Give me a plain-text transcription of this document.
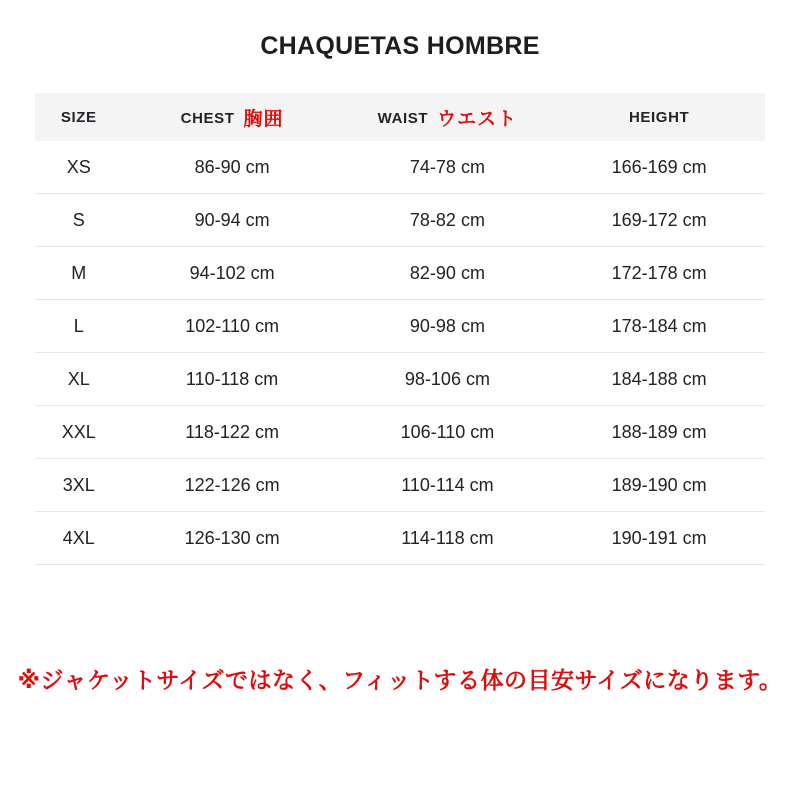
CHAQUETAS HOMBRE
SIZE	CHEST 胸囲	WAIST ウエスト	HEIGHT
XS	86-90 cm	74-78 cm	166-169 cm
S	90-94 cm	78-82 cm	169-172 cm
M	94-102 cm	82-90 cm	172-178 cm
L	102-110 cm	90-98 cm	178-184 cm
XL	110-118 cm	98-106 cm	184-188 cm
XXL	118-122 cm	106-110 cm	188-189 cm
3XL	122-126 cm	110-114 cm	189-190 cm
4XL	126-130 cm	114-118 cm	190-191 cm

※ジャケットサイズではなく、フィットする体の目安サイズになります。
